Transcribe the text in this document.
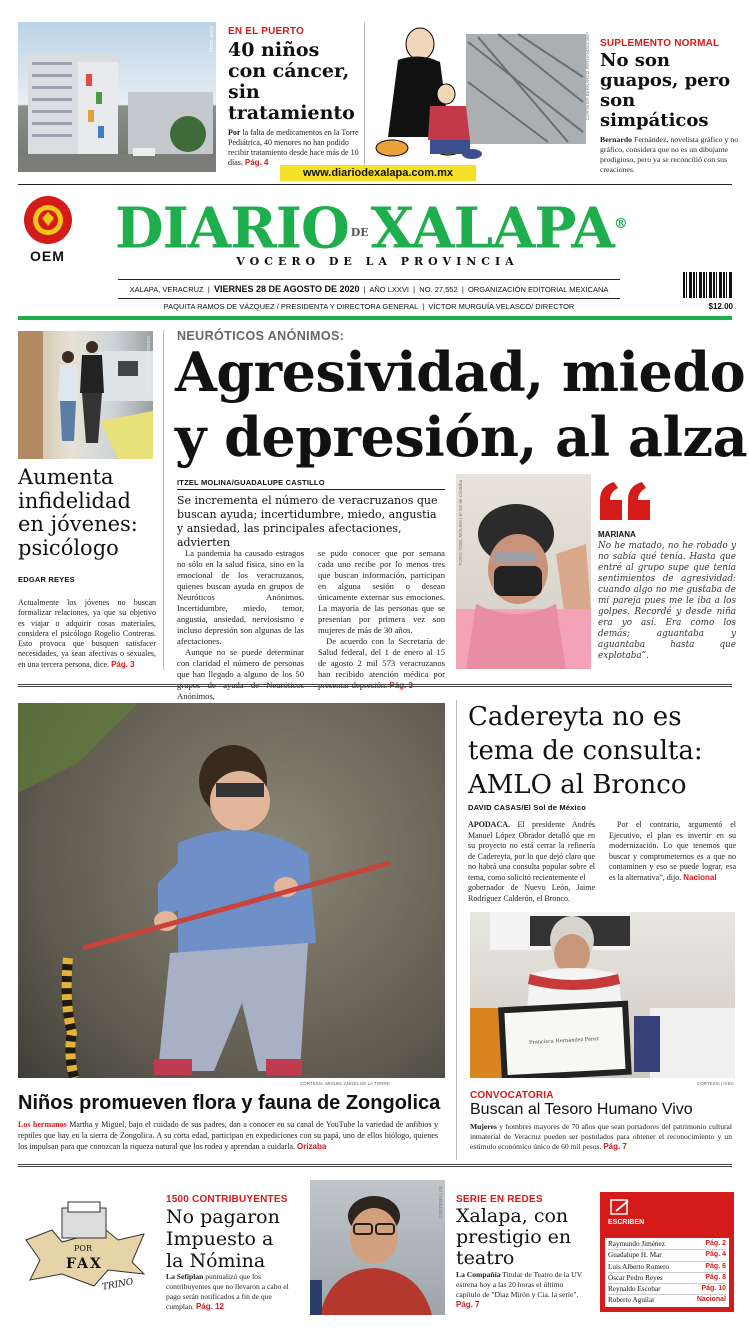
FOTO: IMCS EN EL PUERTO
40 niños con cáncer, sin tratamiento

Por la falta de medicamentos en la Torre Pediátrica, 40 menores no han podido recibir tratamiento desde hace más de 10 días. Pág. 4

CORTESÍA BERNARDO FERNÁNDEZ BEF
www.diariodexalapa.com.mx
SUPLEMENTO NORMAL
No son guapos, pero son simpáticos

Bernardo Fernández, novelista gráfico y no gráfico, considera que no es un dibujante prodigioso, pero ya se reconcilió con sus creaciones.

OEM DIARIO DEXALAPA®
VOCERO DE LA PROVINCIA
XALAPA, VERACRUZ  |  VIERNES 28 DE AGOSTO DE 2020  |  AÑO LXXVI  |  NO. 27,552  |  ORGANIZACIÓN EDITORIAL MEXICANA
PAQUITA RAMOS DE VÁZQUEZ / PRESIDENTA Y DIRECTORA GENERAL  |  VÍCTOR MURGUÍA VELASCO/ DIRECTOR	$12.00
FOTOS: CORRESPONSAL
Aumenta infidelidad en jóvenes: psicólogo
EDGAR REYES

Actualmente los jóvenes no buscan formalizar relaciones, ya que su objetivo es viajar o adquirir cosas materiales, considera el psicólogo Rogelio Contreras. Esto provoca que busquen satisfacer necesidades, ya sean afectivas o sexuales, en una tercera persona, dice. Pág. 3

NEURÓTICOS ANÓNIMOS:
Agresividad, miedo
y depresión, al alza
ITZEL MOLINA/GUADALUPE CASTILLO
Se incrementa el número de veracruzanos que buscan ayuda; incertidumbre, miedo, angustia y ansiedad, las principales afectaciones, advierten

La pandemia ha causado estragos no sólo en la salud física, sino en la emocional de los veracruzanos, quienes buscan ayuda en grupos de Neuróticos Anónimos. Incertidumbre, miedo, temor, angustia, ansiedad, nerviosismo e incluso depresión son algunas de las afectaciones.

Aunque no se puede determinar con claridad el número de personas que han llegado a alguno de los 50 grupos de ayuda de Neuróticos Anónimos,

se pudo conocer que por semana cada uno recibe por lo menos tres que buscan información, participan en alguna sesión o desean únicamente externar sus emociones. La mayoría de las personas que se presentan por primera vez son mujeres de más de 30 años.

De acuerdo con la Secretaría de Salud federal, del 1 de enero al 15 de agosto 2 mil 573 veracruzanos han recibido atención médica por presentar depresión. Pág. 3

FOTO: ITZEL MOLINA | El Sol de Córdoba	MARIANA

No he matado, no he robado y no sabía qué tenía. Hasta que entré al grupo supe que tenía sentimientos de agresividad: cuando algo no me gustaba de mi pareja pues me le iba a los golpes. Recordé y desde niña era yo así. Era como los demás; aguantaba y aguantaba hasta que explotaba”.

CORTESÍA: MIGUEL ÁNGEL DE LA TORRE
Niños promueven flora y fauna de Zongolica

Los hermanos Martha y Miguel, bajo el cuidado de sus padres, dan a conocer en su canal de YouTube la variedad de anfibios y reptiles que hay en la sierra de Zongolica. A su corta edad, participan en expediciones con su papá, uno de ellos biólogo, quienes los impulsan para que conozcan la riqueza natural que los rodea y aprendan a cuidarla. Orizaba

Cadereyta no es tema de consulta: AMLO al Bronco
DAVID CASAS/El Sol de México

APODACA. El presidente Andrés Manuel López Obrador detalló que en su proyecto no está cerrar la refinería de Cadereyta, por lo que dejó claro que no habrá una consulta popular sobre el tema, como solicitó recientemente el

gobernador de Nuevo León, Jaime Rodríguez Calderón, el Bronco.

Por el contrario, argumentó el Ejecutivo, el plan es invertir en su modernización. Lo que tenemos que buscar y comprometernos es a que no contaminen y eso se puede lograr, esa es la alternativa”, dijo. Nacional

Francisca Hernández Pérez
CORTESÍA | IVEC
CONVOCATORIA
Buscan al Tesoro Humano Vivo

Mujeres y hombres mayores de 70 años que sean portadores del patrimonio cultural inmaterial de Veracruz pueden ser postulados para obtener el reconocimiento y un estímulo económico único de 60 mil pesos. Pág. 7

POR
FAX
TRINO
1500 CONTRIBUYENTES
No pagaron Impuesto a la Nómina

La Sefiplan puntualizó que los contribuyentes que no llevaron a cabo el pago serán notificados a fin de que cumplan. Pág. 12

CORTESÍA | UV SERIE EN REDES
Xalapa, con prestigio en teatro

La Compañía Titular de Teatro de la UV estrena hoy a las 20 horas el último capítulo de "Diaz Mirón y Cia. la serie". Pág. 7

ESCRIBEN
Raymundo Jiménez	Pág. 2
Guadalupe H. Mar	Pág. 4
Luis Alberto Romero	Pág. 6
Óscar Pedro Reyes	Pág. 8
Reynaldo Escobar	Pág. 10
Roberto Aguilar	Nacional
